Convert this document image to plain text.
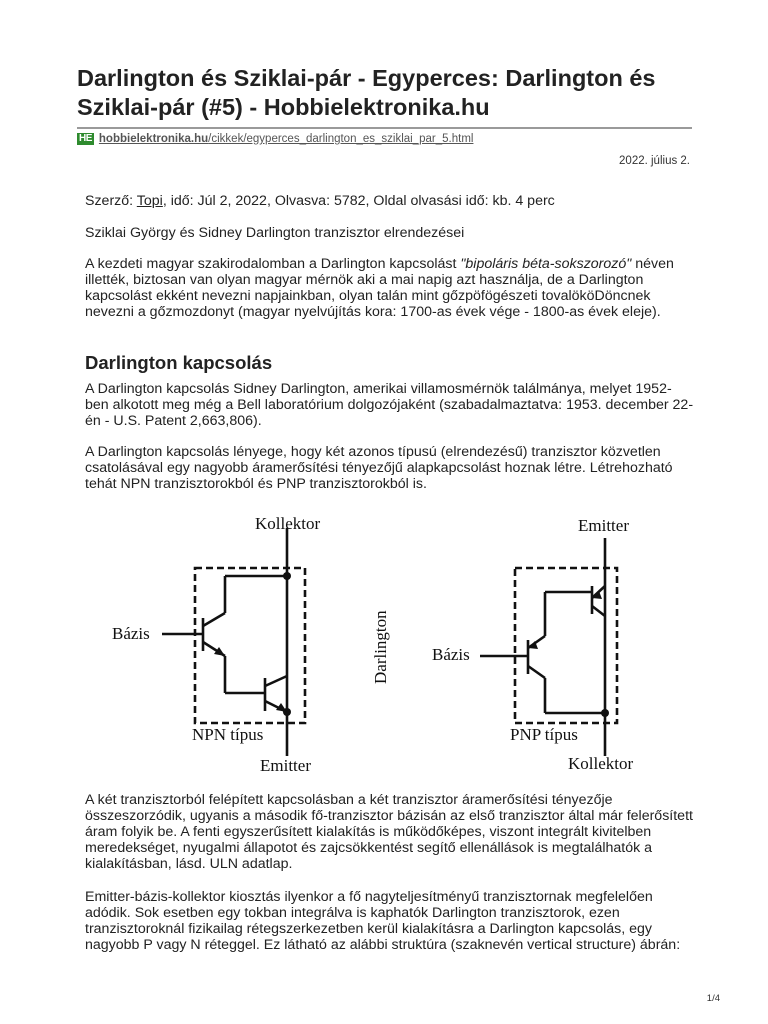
Darlington és Sziklai-pár - Egyperces: Darlington és Sziklai-pár (#5) - Hobbielektronika.hu
HE hobbielektronika.hu/cikkek/egyperces_darlington_es_sziklai_par_5.html
2022. július 2.
Szerző: Topi, idő: Júl 2, 2022, Olvasva: 5782, Oldal olvasási idő: kb. 4 perc
Sziklai György és Sidney Darlington tranzisztor elrendezései
A kezdeti magyar szakirodalomban a Darlington kapcsolást "bipoláris béta-sokszorozó" néven illették, biztosan van olyan magyar mérnök aki a mai napig azt használja, de a Darlington kapcsolást ekként nevezni napjainkban, olyan talán mint gőzpöfögészeti tovalököDöncnek nevezni a gőzmozdonyt (magyar nyelvújítás kora: 1700-as évek vége - 1800-as évek eleje).
Darlington kapcsolás
A Darlington kapcsolás Sidney Darlington, amerikai villamosmérnök találmánya, melyet 1952-ben alkotott meg még a Bell laboratórium dolgozójaként (szabadalmaztatva: 1953. december 22-én - U.S. Patent 2,663,806).
A Darlington kapcsolás lényege, hogy két azonos típusú (elrendezésű) tranzisztor közvetlen csatolásával egy nagyobb áramerősítési tényezőjű alapkapcsolást hoznak létre. Létrehozható tehát NPN tranzisztorokból és PNP tranzisztorokból is.
Kollektor
Bázis
NPN típus
Emitter
Darlington
Emitter
Bázis
PNP típus
Kollektor
A két tranzisztorból felépített kapcsolásban a két tranzisztor áramerősítési tényezője összeszorzódik, ugyanis a második fő-tranzisztor bázisán az első tranzisztor által már felerősített áram folyik be. A fenti egyszerűsített kialakítás is működőképes, viszont integrált kivitelben meredekséget, nyugalmi állapotot és zajcsökkentést segítő ellenállások is megtalálhatók a kialakításban, lásd. ULN adatlap.
Emitter-bázis-kollektor kiosztás ilyenkor a fő nagyteljesítményű tranzisztornak megfelelően adódik. Sok esetben egy tokban integrálva is kaphatók Darlington tranzisztorok, ezen tranzisztoroknál fizikailag rétegszerkezetben kerül kialakításra a Darlington kapcsolás, egy nagyobb P vagy N réteggel. Ez látható az alábbi struktúra (szaknevén vertical structure) ábrán:
1/4
